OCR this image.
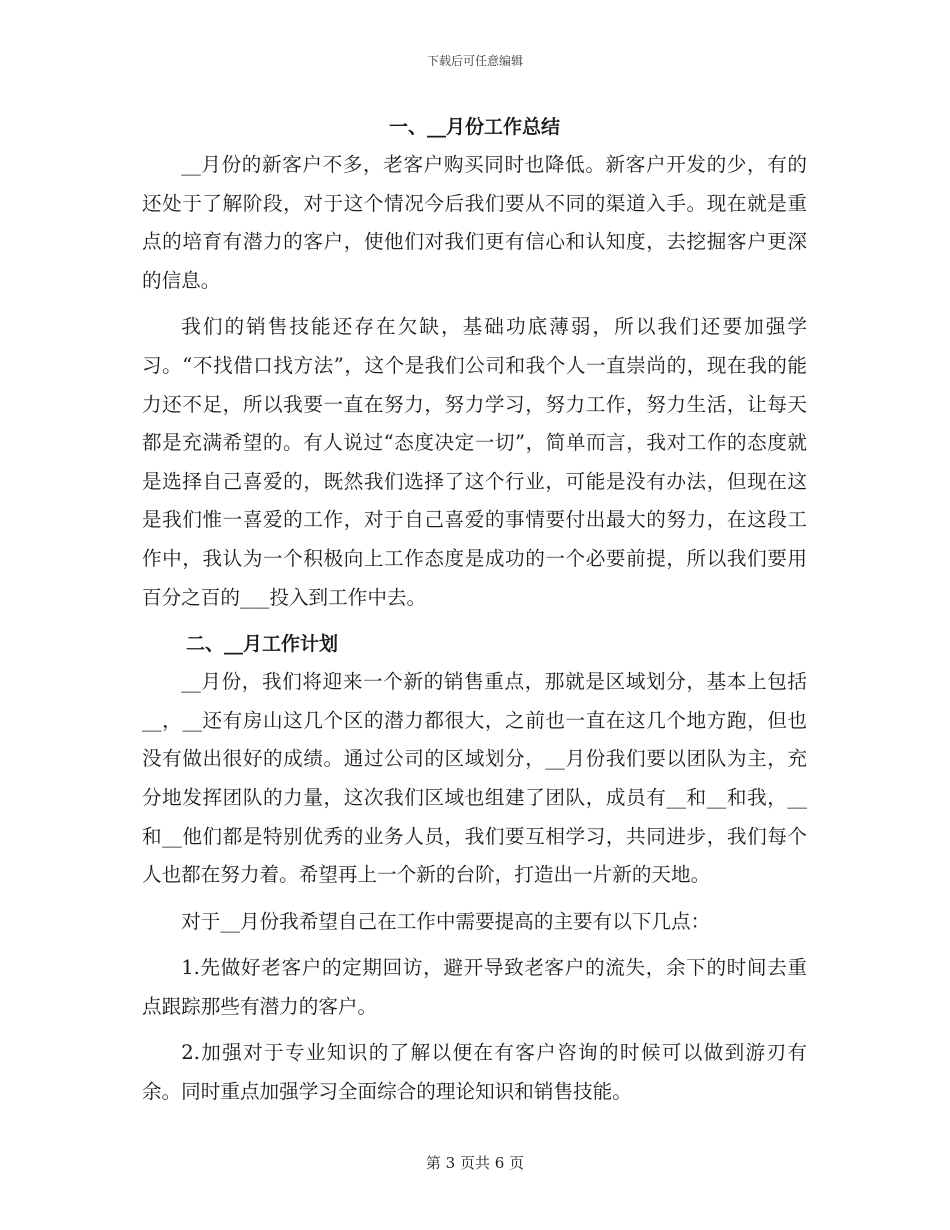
下载后可任意编辑
一、__月份工作总结

__月份的新客户不多，老客户购买同时也降低。新客户开发的少，有的还处于了解阶段，对于这个情况今后我们要从不同的渠道入手。现在就是重点的培育有潜力的客户，使他们对我们更有信心和认知度，去挖掘客户更深的信息。

我们的销售技能还存在欠缺，基础功底薄弱，所以我们还要加强学习。“不找借口找方法”，这个是我们公司和我个人一直崇尚的，现在我的能力还不足，所以我要一直在努力，努力学习，努力工作，努力生活，让每天都是充满希望的。有人说过“态度决定一切”，简单而言，我对工作的态度就是选择自己喜爱的，既然我们选择了这个行业，可能是没有办法，但现在这是我们惟一喜爱的工作，对于自己喜爱的事情要付出最大的努力，在这段工作中，我认为一个积极向上工作态度是成功的一个必要前提，所以我们要用百分之百的___投入到工作中去。

二、__月工作计划

__月份，我们将迎来一个新的销售重点，那就是区域划分，基本上包括__，__还有房山这几个区的潜力都很大，之前也一直在这几个地方跑，但也没有做出很好的成绩。通过公司的区域划分，__月份我们要以团队为主，充分地发挥团队的力量，这次我们区域也组建了团队，成员有__和__和我，__和__他们都是特别优秀的业务人员，我们要互相学习，共同进步，我们每个人也都在努力着。希望再上一个新的台阶，打造出一片新的天地。

对于__月份我希望自己在工作中需要提高的主要有以下几点：

1.先做好老客户的定期回访，避开导致老客户的流失，余下的时间去重点跟踪那些有潜力的客户。

2.加强对于专业知识的了解以便在有客户咨询的时候可以做到游刃有余。同时重点加强学习全面综合的理论知识和销售技能。

第 3 页共 6 页
